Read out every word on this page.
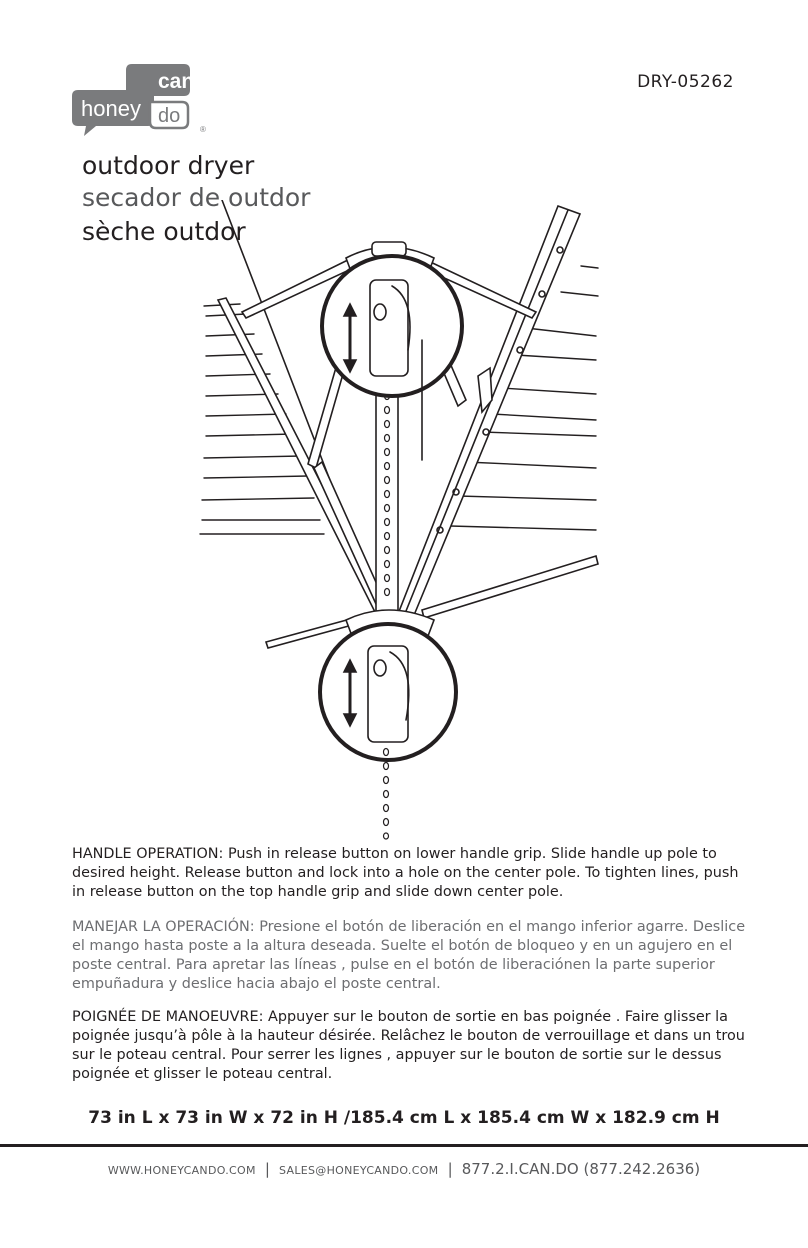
can
honey do
®
DRY-05262
outdoor dryer
secador de outdor
sèche outdor
HANDLE OPERATION: Push in release button on lower handle grip. Slide handle up pole to desired height. Release button and lock into a hole on the center pole. To tighten lines, push in release button on the top handle grip and slide down center pole.
MANEJAR LA OPERACIÓN: Presione el botón de liberación en el mango inferior agarre. Deslice el mango hasta poste a la altura deseada. Suelte el botón de bloqueo y en un agujero en el poste central. Para apretar las líneas , pulse en el botón de liberaciónen la parte superior empuñadura y deslice hacia abajo el poste central.
POIGNÉE DE MANOEUVRE: Appuyer sur le bouton de sortie en bas poignée . Faire glisser la poignée jusqu’à pôle à la hauteur désirée. Relâchez le bouton de verrouillage et dans un trou sur le poteau central. Pour serrer les lignes , appuyer sur le bouton de sortie sur le dessus poignée et glisser le poteau central.
73 in L x 73 in W x 72 in H /185.4 cm L x 185.4 cm W x 182.9 cm H
WWW.HONEYCANDO.COM | SALES@HONEYCANDO.COM | 877.2.I.CAN.DO (877.242.2636)
